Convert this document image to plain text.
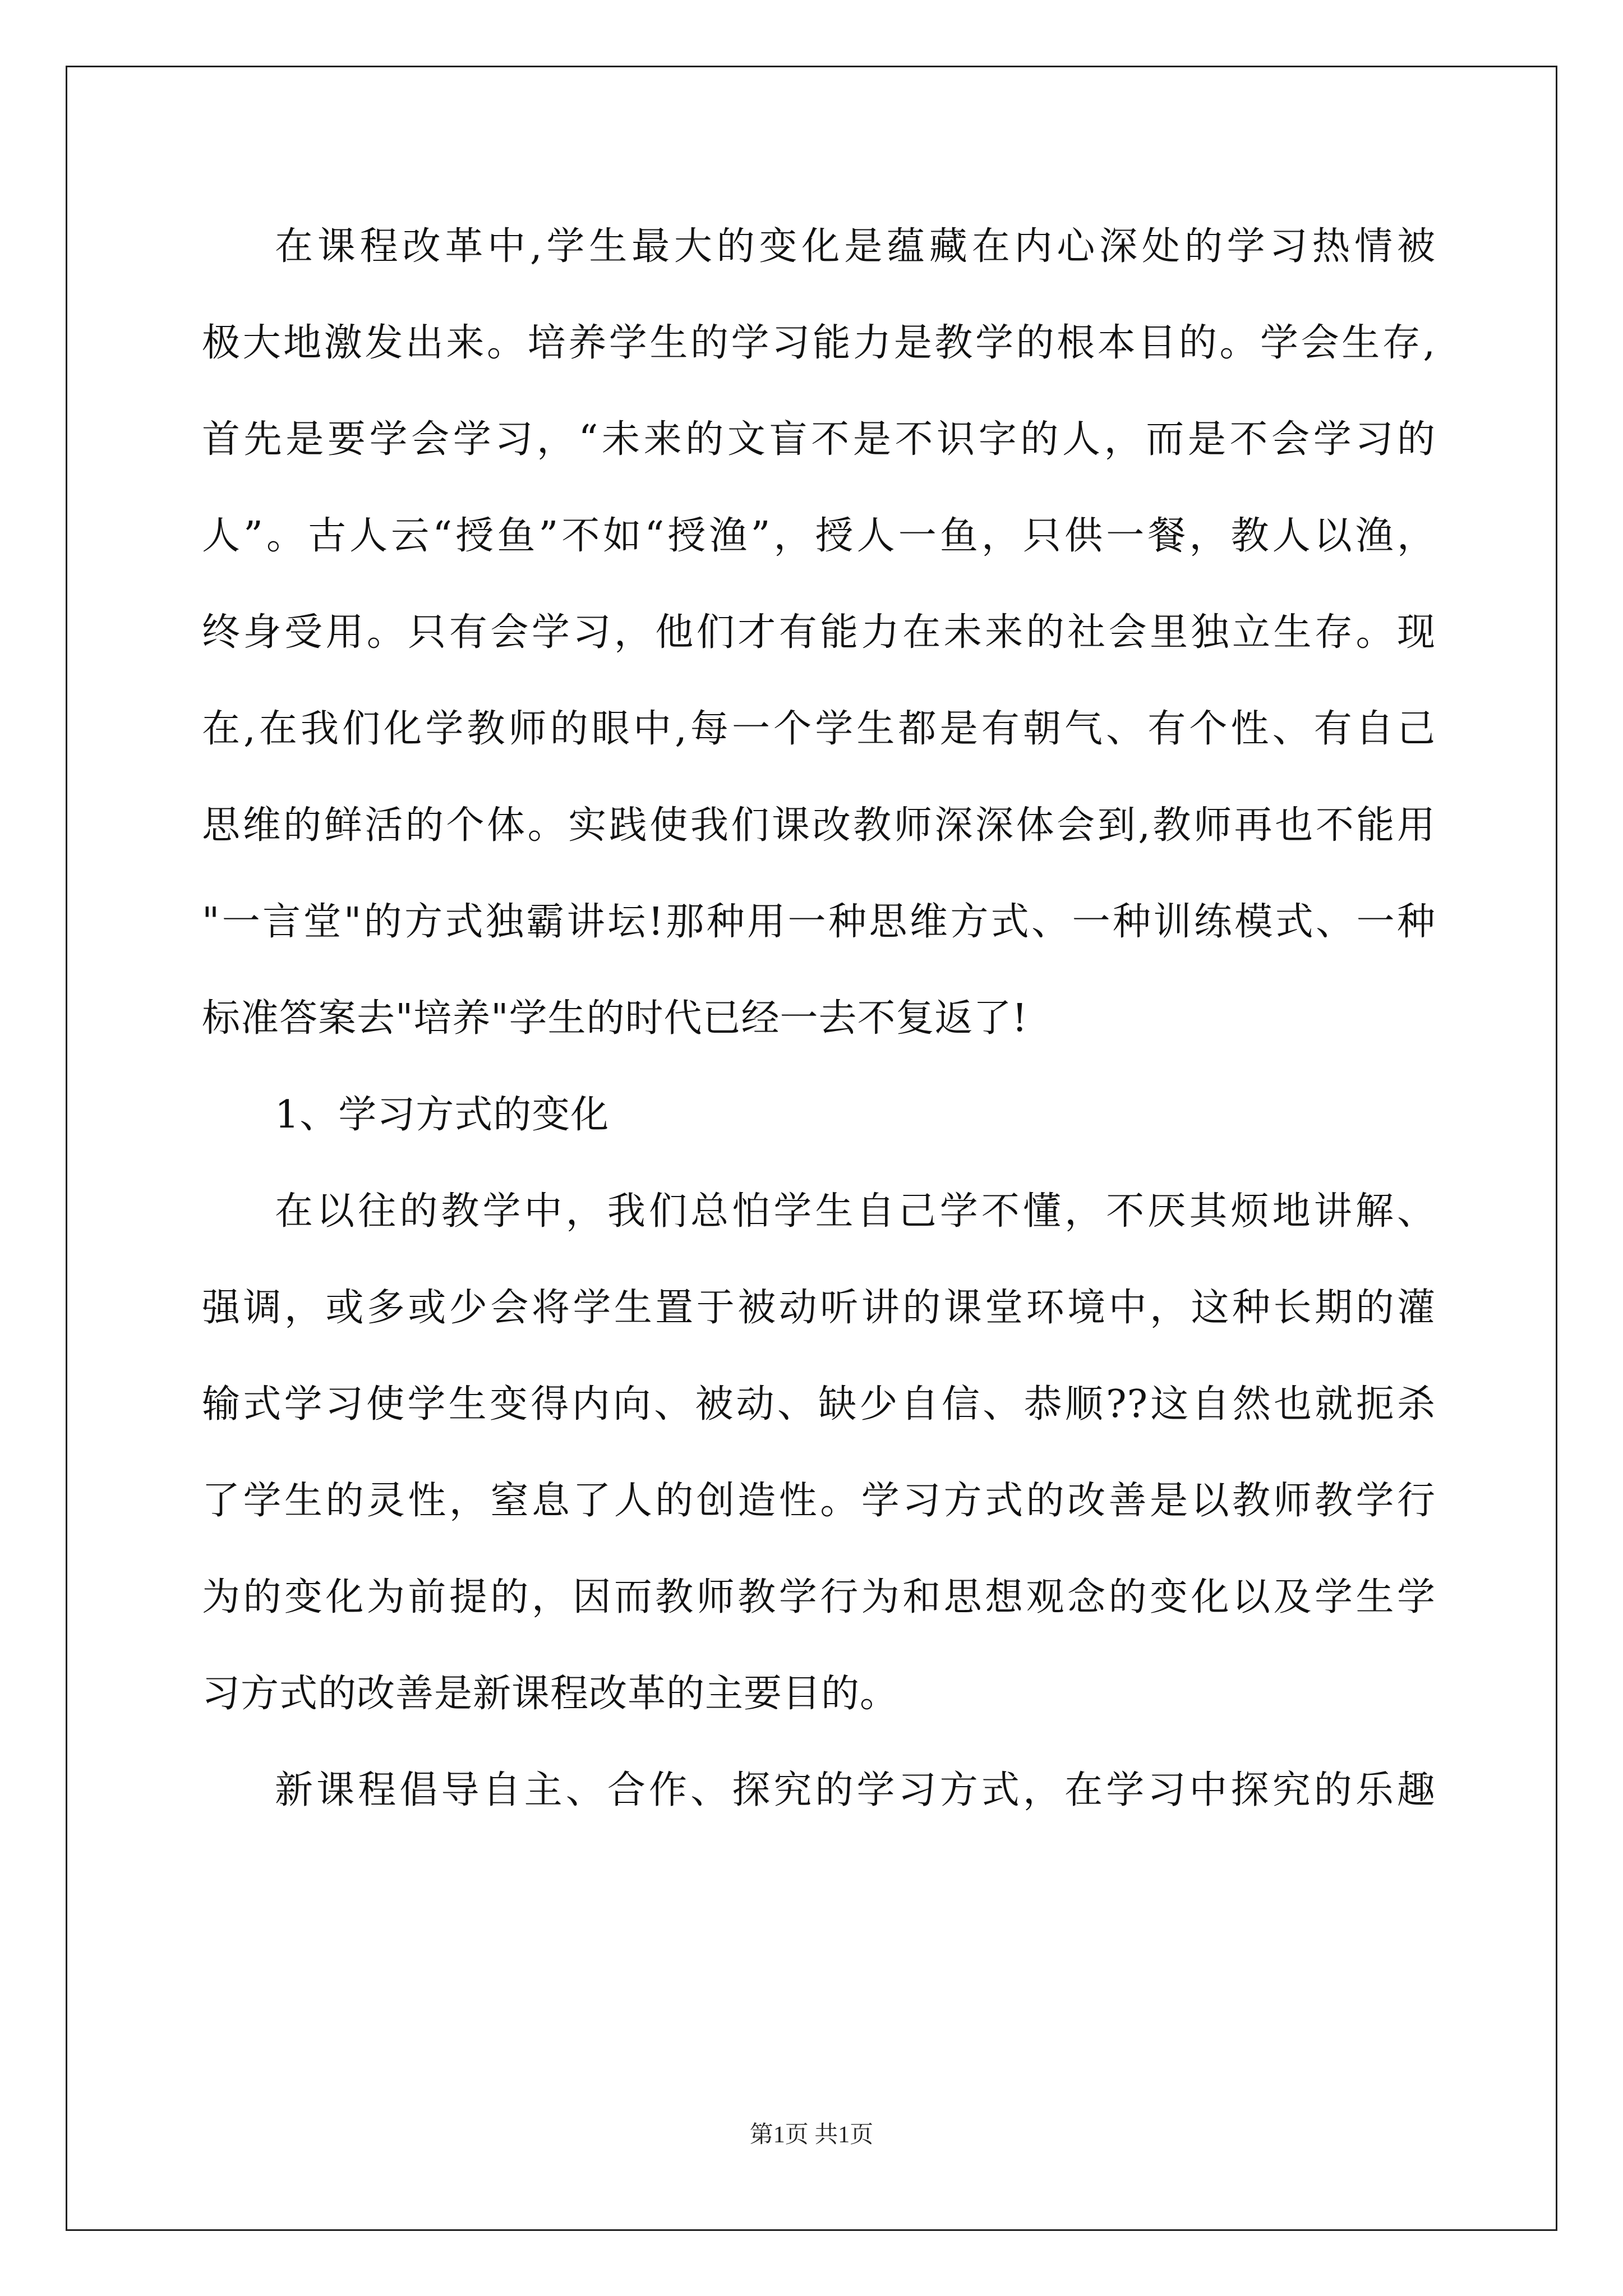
在课程改革中,学生最大的变化是蕴藏在内心深处的学习热情被
极大地激发出来。培养学生的学习能力是教学的根本目的。学会生存,
首先是要学会学习，“未来的文盲不是不识字的人，而是不会学习的
人”。古人云“授鱼”不如“授渔”，授人一鱼，只供一餐，教人以渔，
终身受用。只有会学习，他们才有能力在未来的社会里独立生存。现
在,在我们化学教师的眼中,每一个学生都是有朝气、有个性、有自己
思维的鲜活的个体。实践使我们课改教师深深体会到,教师再也不能用
"一言堂"的方式独霸讲坛!那种用一种思维方式、一种训练模式、一种
标准答案去"培养"学生的时代已经一去不复返了!
1、学习方式的变化
在以往的教学中，我们总怕学生自己学不懂，不厌其烦地讲解、
强调，或多或少会将学生置于被动听讲的课堂环境中，这种长期的灌
输式学习使学生变得内向、被动、缺少自信、恭顺??这自然也就扼杀
了学生的灵性，窒息了人的创造性。学习方式的改善是以教师教学行
为的变化为前提的，因而教师教学行为和思想观念的变化以及学生学
习方式的改善是新课程改革的主要目的。
新课程倡导自主、合作、探究的学习方式，在学习中探究的乐趣
第1页 共1页
